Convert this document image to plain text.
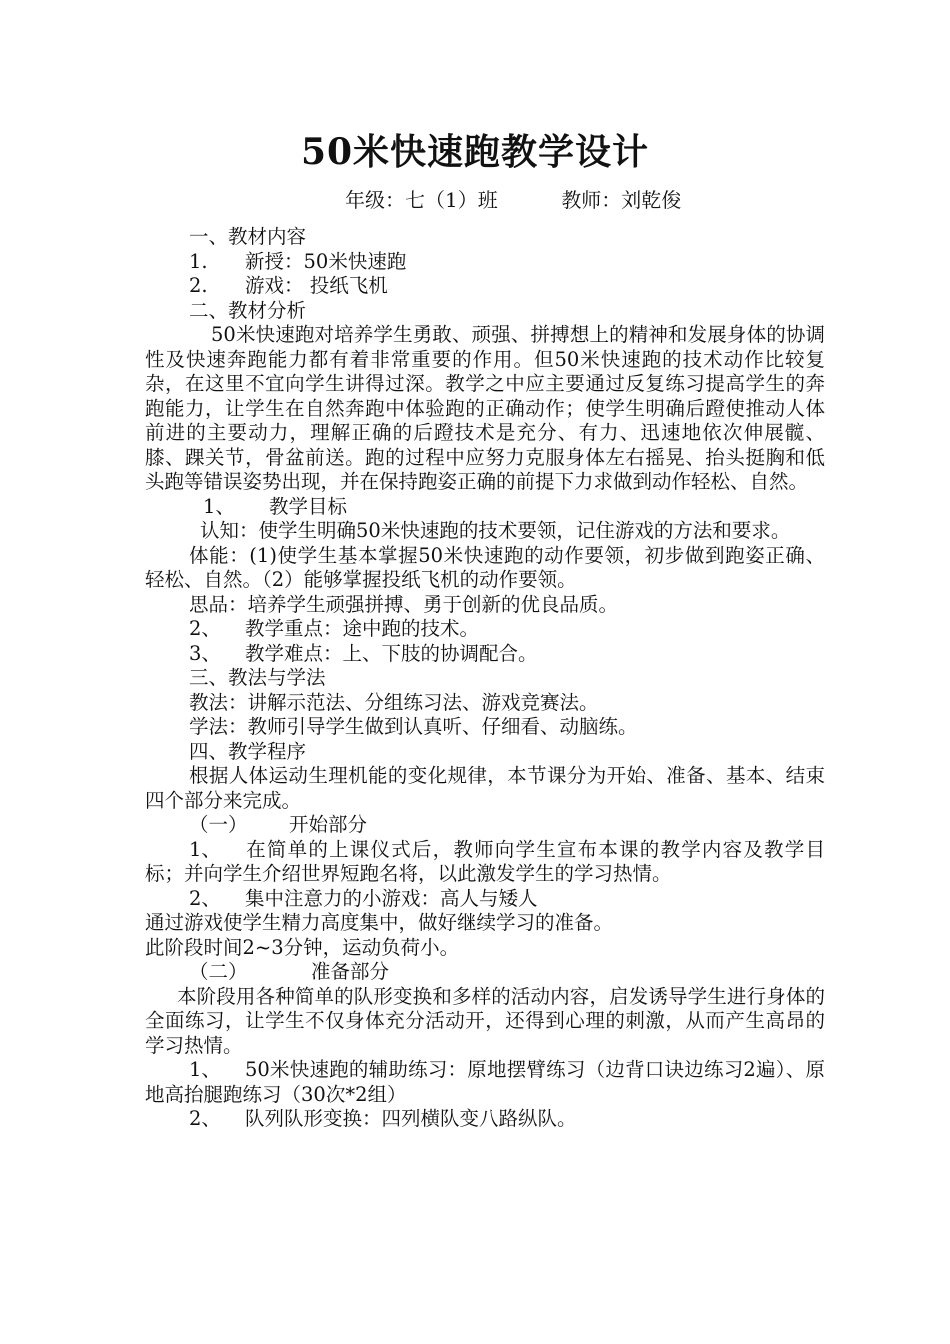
50米快速跑教学设计
年级：七（1）班	教师：刘乾俊

一、教材内容

1. 新授：50米快速跑

2. 游戏： 投纸飞机

二、教材分析

50米快速跑对培养学生勇敢、顽强、拼搏想上的精神和发展身体的协调性及快速奔跑能力都有着非常重要的作用。但50米快速跑的技术动作比较复杂，在这里不宜向学生讲得过深。教学之中应主要通过反复练习提高学生的奔跑能力，让学生在自然奔跑中体验跑的正确动作；使学生明确后蹬使推动人体前进的主要动力，理解正确的后蹬技术是充分、有力、迅速地依次伸展髋、膝、踝关节，骨盆前送。跑的过程中应努力克服身体左右摇晃、抬头挺胸和低头跑等错误姿势出现，并在保持跑姿正确的前提下力求做到动作轻松、自然。

1、 教学目标

认知：使学生明确50米快速跑的技术要领，记住游戏的方法和要求。

体能：(1)使学生基本掌握50米快速跑的动作要领，初步做到跑姿正确、轻松、自然。（2）能够掌握投纸飞机的动作要领。

思品：培养学生顽强拼搏、勇于创新的优良品质。

2、 教学重点：途中跑的技术。

3、 教学难点：上、下肢的协调配合。

三、教法与学法

教法：讲解示范法、分组练习法、游戏竞赛法。

学法：教师引导学生做到认真听、仔细看、动脑练。

四、教学程序

根据人体运动生理机能的变化规律，本节课分为开始、准备、基本、结束四个部分来完成。

（一） 开始部分

1、 在简单的上课仪式后，教师向学生宣布本课的教学内容及教学目标；并向学生介绍世界短跑名将，以此激发学生的学习热情。

2、 集中注意力的小游戏：高人与矮人

通过游戏使学生精力高度集中，做好继续学习的准备。

此阶段时间2~3分钟，运动负荷小。

（二）	准备部分

本阶段用各种简单的队形变换和多样的活动内容，启发诱导学生进行身体的全面练习，让学生不仅身体充分活动开，还得到心理的刺激，从而产生高昂的学习热情。

1、 50米快速跑的辅助练习：原地摆臂练习（边背口诀边练习2遍）、原地高抬腿跑练习（30次*2组）

2、 队列队形变换：四列横队变八路纵队。
